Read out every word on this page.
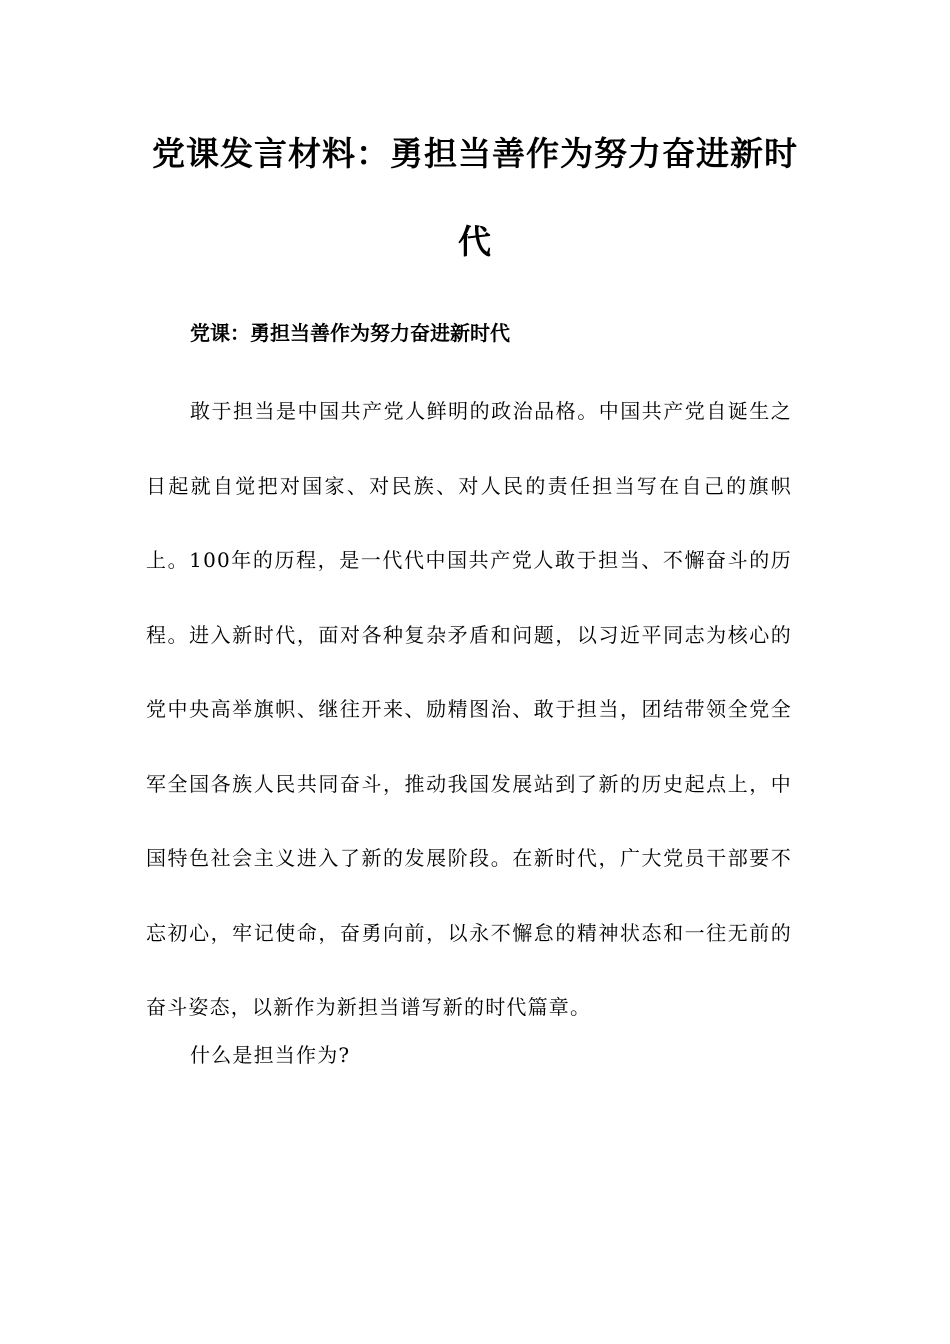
党课发言材料：勇担当善作为努力奋进新时代

党课：勇担当善作为努力奋进新时代

敢于担当是中国共产党人鲜明的政治品格。中国共产党自诞生之日起就自觉把对国家、对民族、对人民的责任担当写在自己的旗帜上。100年的历程，是一代代中国共产党人敢于担当、不懈奋斗的历程。进入新时代，面对各种复杂矛盾和问题，以习近平同志为核心的党中央高举旗帜、继往开来、励精图治、敢于担当，团结带领全党全军全国各族人民共同奋斗，推动我国发展站到了新的历史起点上，中国特色社会主义进入了新的发展阶段。在新时代，广大党员干部要不忘初心，牢记使命，奋勇向前，以永不懈怠的精神状态和一往无前的奋斗姿态，以新作为新担当谱写新的时代篇章。

什么是担当作为?
